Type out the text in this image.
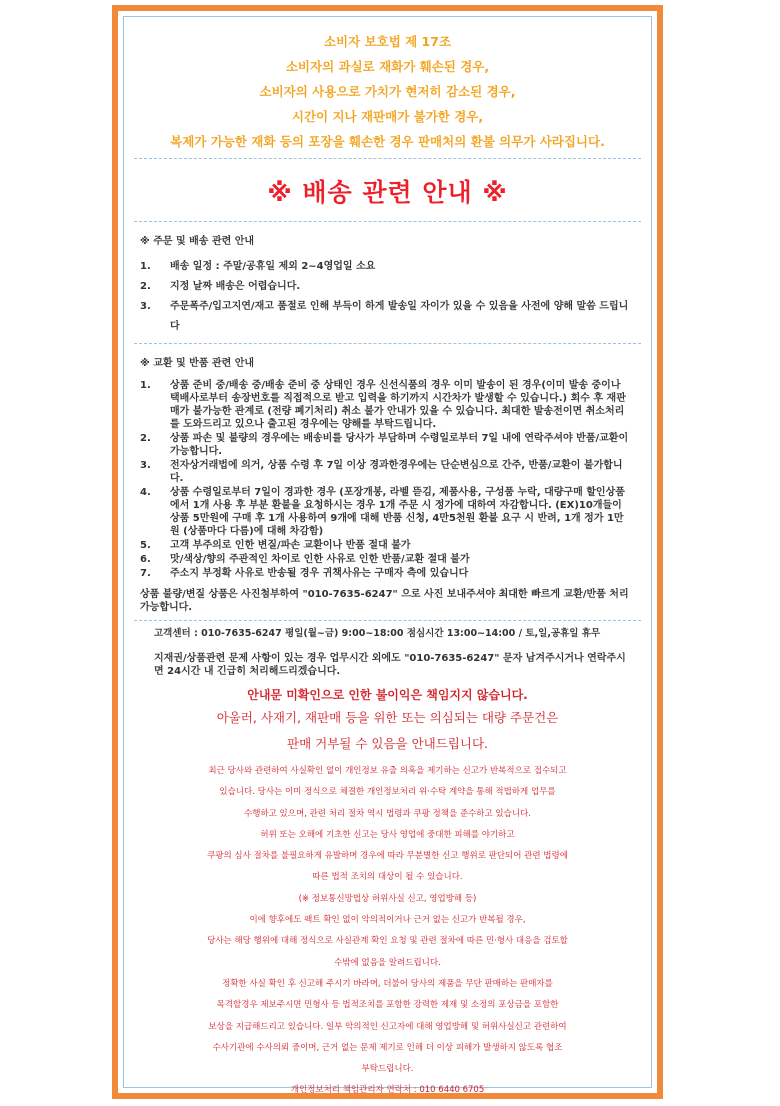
소비자 보호법 제 17조
소비자의 과실로 재화가 훼손된 경우,
소비자의 사용으로 가치가 현저히 감소된 경우,
시간이 지나 재판매가 불가한 경우,
복제가 가능한 재화 등의 포장을 훼손한 경우 판매처의 환불 의무가 사라집니다.
※ 배송 관련 안내 ※
※ 주문 및 배송 관련 안내
1.	배송 일정 : 주말/공휴일 제외 2~4영업일 소요
2.	지정 날짜 배송은 어렵습니다.
3.	주문폭주/입고지연/재고 품절로 인해 부득이 하게 발송일 자이가 있을 수 있음을 사전에 양해 말씀 드립니다
※ 교환 및 반품 관련 안내
1.	상품 준비 중/배송 중/배송 준비 중 상태인 경우 신선식품의 경우 이미 발송이 된 경우(이미 발송 중이나 택배사로부터 송장번호를 직접적으로 받고 입력을 하기까지 시간차가 발생할 수 있습니다.) 회수 후 재판매가 불가능한 관계로 (전량 폐기처리) 취소 불가 안내가 있을 수 있습니다. 최대한 발송전이면 취소처리를 도와드리고 있으나 출고된 경우에는 양해를 부탁드립니다.
2.	상품 파손 및 불량의 경우에는 배송비를 당사가 부담하며 수령일로부터 7일 내에 연락주셔야 반품/교환이 가능합니다.
3.	전자상거래법에 의거, 상품 수령 후 7일 이상 경과한경우에는 단순변심으로 간주, 반품/교환이 불가합니다.
4.	상품 수령일로부터 7일이 경과한 경우 (포장개봉, 라벨 뜯김, 제품사용, 구성품 누락, 대량구매 할인상품에서 1개 사용 후 부분 환불을 요청하시는 경우 1개 주문 시 정가에 대하여 자감합니다. (EX)10개들이 상품 5만원에 구매 후 1개 사용하여 9개에 대해 반품 신청, 4만5천원 환불 요구 시 반려, 1개 정가 1만원 (상품마다 다름)에 대해 차감함)
5.	고객 부주의로 인한 변질/파손 교환이나 반품 절대 불가
6.	맛/색상/향의 주관적인 차이로 인한 사유로 인한 반품/교환 절대 불가
7.	주소지 부정확 사유로 반송될 경우 귀책사유는 구매자 측에 있습니다
상품 불량/변질 상품은 사진첨부하여 "010-7635-6247" 으로 사진 보내주셔야 최대한 빠르게 교환/반품 처리 가능합니다.
고객센터 : 010-7635-6247 평일(월~금) 9:00~18:00 점심시간 13:00~14:00 / 토,일,공휴일 휴무
지재권/상품관련 문제 사항이 있는 경우 업무시간 외에도 "010-7635-6247" 문자 남겨주시거나 연락주시면 24시간 내 긴급히 처리해드리겠습니다.
안내문 미확인으로 인한 불이익은 책임지지 않습니다.
아울러, 사재기, 재판매 등을 위한 또는 의심되는 대량 주문건은
판매 거부될 수 있음을 안내드립니다.
최근 당사와 관련하여 사실확인 없이 개인정보 유출 의혹을 제기하는 신고가 반복적으로 접수되고
있습니다. 당사는 이미 정식으로 체결한 개인정보처리 위·수탁 계약을 통해 적법하게 업무를
수행하고 있으며, 관련 처리 절차 역시 법령과 쿠팡 정책을 준수하고 있습니다.
허위 또는 오해에 기초한 신고는 당사 영업에 중대한 피해를 야기하고
쿠팡의 심사 절차를 불필요하게 유발하며 경우에 따라 무분별한 신고 행위로 판단되어 관련 법령에
따른 법적 조치의 대상이 될 수 있습니다.
(※ 정보통신망법상 허위사실 신고, 영업방해 등)
이에 향후에도 팩트 확인 없이 악의적이거나 근거 없는 신고가 반복될 경우,
당사는 해당 행위에 대해 정식으로 사실관계 확인 요청 및 관련 절차에 따른 민·형사 대응을 검토할
수밖에 없음을 알려드립니다.
정확한 사실 확인 후 신고해 주시기 바라며, 더불어 당사의 제품을 무단 판매하는 판매자를
목격할경우 제보주시면 민형사 등 법적조치를 포함한 강력한 제재 및 소정의 포상금을 포함한
보상을 지급해드리고 있습니다. 일부 악의적인 신고자에 대해 영업방해 및 허위사실신고 관련하여
수사기관에 수사의뢰 중이며, 근거 없는 문제 제기로 인해 더 이상 피해가 발생하지 않도록 협조
부탁드립니다.
개인정보처리 책임관리자 연락처 : 010 6440 6705
